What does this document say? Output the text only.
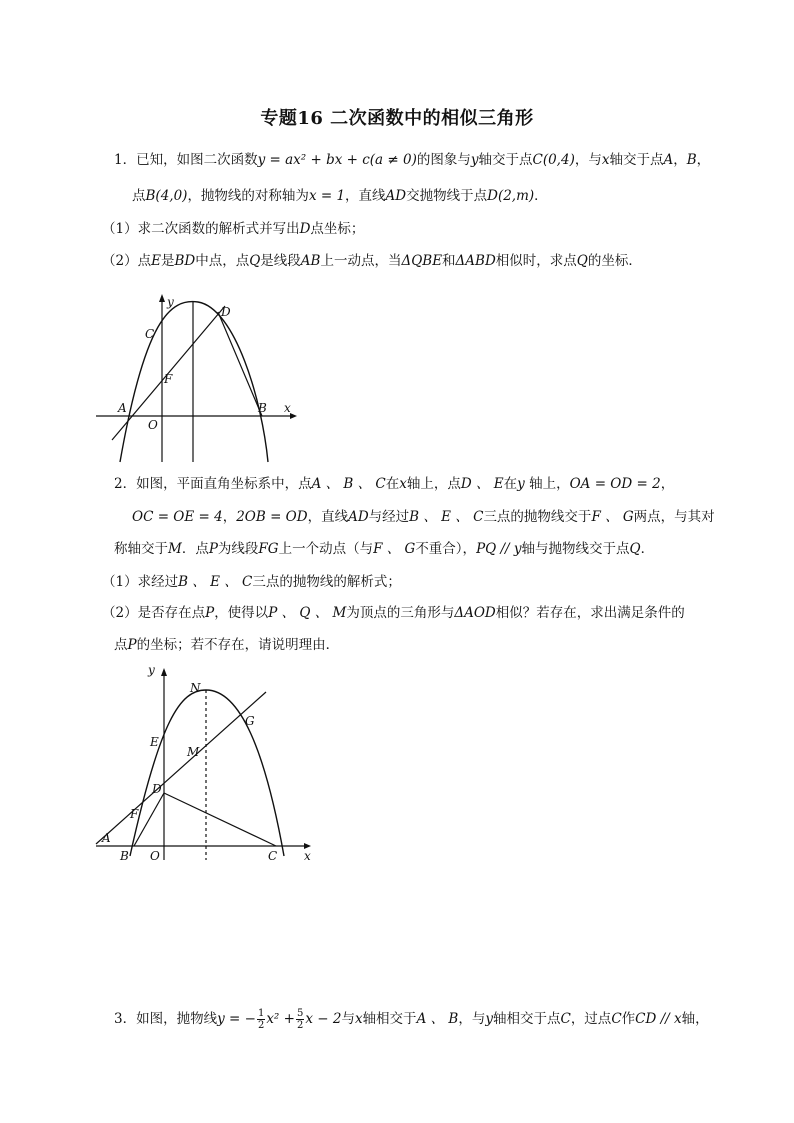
专题16 二次函数中的相似三角形
1．已知，如图二次函数y = ax² + bx + c(a ≠ 0)的图象与y轴交于点C(0,4)，与x轴交于点A，B，
点B(4,0)，抛物线的对称轴为x = 1，直线AD交抛物线于点D(2,m)．
（1）求二次函数的解析式并写出D点坐标；
（2）点E是BD中点，点Q是线段AB上一动点，当ΔQBE和ΔABD相似时，求点Q的坐标．
y
D
C
F
A
O
B x
2．如图，平面直角坐标系中，点A 、 B 、 C在x轴上，点D 、 E在y 轴上，OA = OD = 2，
OC = OE = 4，2OB = OD，直线AD与经过B 、 E 、 C三点的抛物线交于F 、 G两点，与其对
称轴交于M．点P为线段FG上一个动点（与F 、 G不重合），PQ // y轴与抛物线交于点Q．
（1）求经过B 、 E 、 C三点的抛物线的解析式；
（2）是否存在点P，使得以P 、 Q 、 M为顶点的三角形与ΔAOD相似？若存在，求出满足条件的
点P的坐标；若不存在，请说明理由．
y
N
G
E
M
D
F
A
B O	C x
3．如图，抛物线y = − $\frac{1}{2} x^2 + \frac{5}{2}$ x − 2与x轴相交于A 、 B，与y轴相交于点C，过点C作CD // x轴，
